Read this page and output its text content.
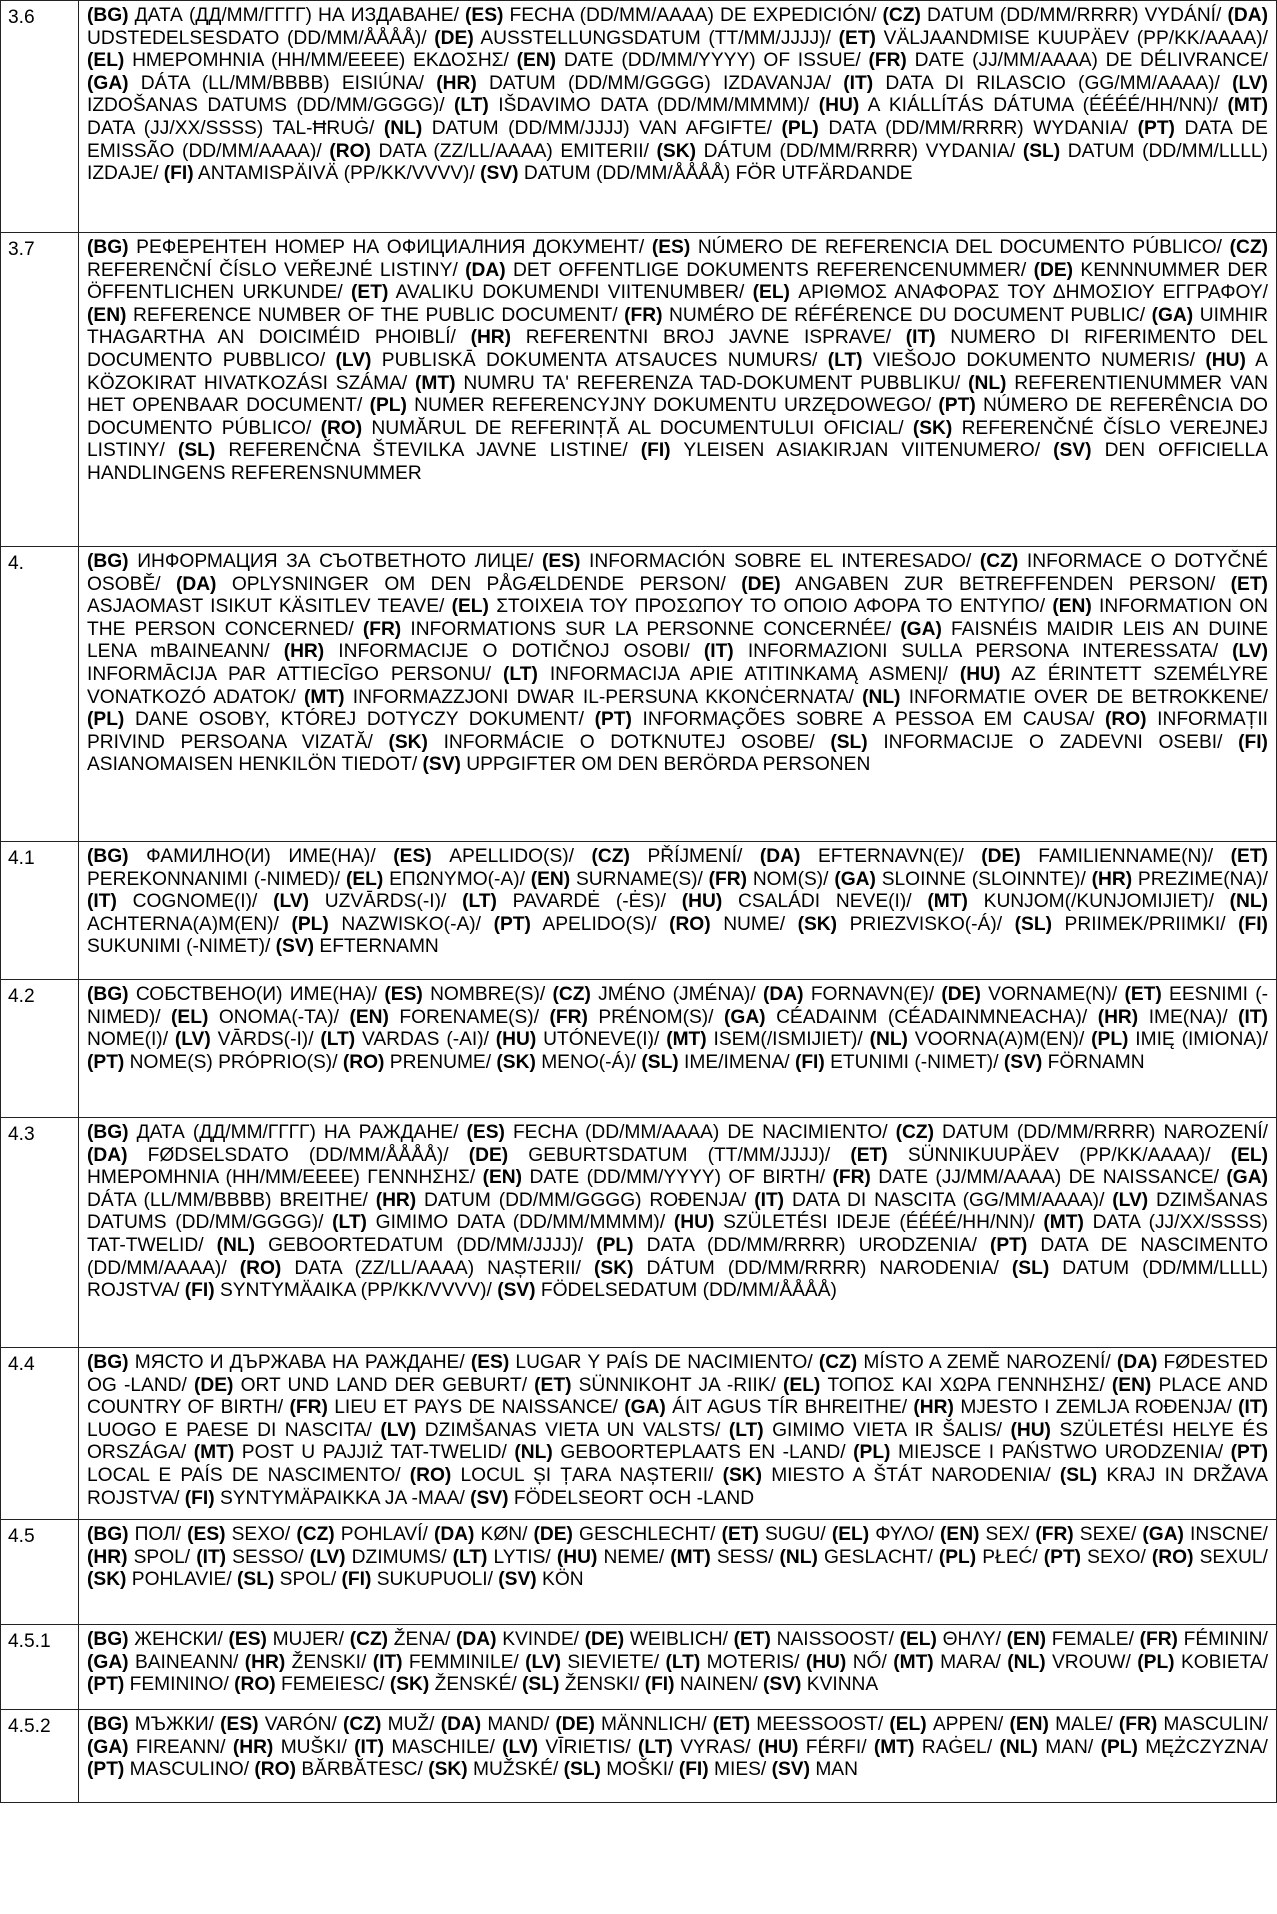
3.6	(BG) ДАТА (ДД/ММ/ГГГГ) НА ИЗДАВАНЕ/ (ES) FECHA (DD/MM/AAAA) DE EXPEDICIÓN/ (CZ) DATUM (DD/MM/RRRR) VYDÁNÍ/ (DA) UDSTEDELSESDATO (DD/MM/ÅÅÅÅ)/ (DE) AUSSTELLUNGSDATUM (TT/MM/JJJJ)/ (ET) VÄLJAANDMISE KUUPÄEV (PP/KK/AAAA)/ (EL) ΗΜΕΡΟΜΗΝΙΑ (ΗΗ/ΜΜ/ΕΕΕΕ) ΕΚΔΟΣΗΣ/ (EN) DATE (DD/MM/YYYY) OF ISSUE/ (FR) DATE (JJ/MM/AAAA) DE DÉLIVRANCE/ (GA) DÁTA (LL/MM/BBBB) EISIÚNA/ (HR) DATUM (DD/MM/GGGG) IZDAVANJA/ (IT) DATA DI RILASCIO (GG/MM/AAAA)/ (LV) IZDOŠANAS DATUMS (DD/MM/GGGG)/ (LT) IŠDAVIMO DATA (DD/MM/MMMM)/ (HU) A KIÁLLÍTÁS DÁTUMA (ÉÉÉÉ/HH/NN)/ (MT) DATA (JJ/XX/SSSS) TAL-ĦRUĠ/ (NL) DATUM (DD/MM/JJJJ) VAN AFGIFTE/ (PL) DATA (DD/MM/RRRR) WYDANIA/ (PT) DATA DE EMISSÃO (DD/MM/AAAA)/ (RO) DATA (ZZ/LL/AAAA) EMITERII/ (SK) DÁTUM (DD/MM/RRRR) VYDANIA/ (SL) DATUM (DD/MM/LLLL) IZDAJE/ (FI) ANTAMISPÄIVÄ (PP/KK/VVVV)/ (SV) DATUM (DD/MM/ÅÅÅÅ) FÖR UTFÄRDANDE
3.7	(BG) РЕФЕРЕНТЕН НОМЕР НА ОФИЦИАЛНИЯ ДОКУМЕНТ/ (ES) NÚMERO DE REFERENCIA DEL DOCUMENTO PÚBLICO/ (CZ) REFERENČNÍ ČÍSLO VEŘEJNÉ LISTINY/ (DA) DET OFFENTLIGE DOKUMENTS REFERENCENUMMER/ (DE) KENNNUMMER DER ÖFFENTLICHEN URKUNDE/ (ET) AVALIKU DOKUMENDI VIITENUMBER/ (EL) ΑΡΙΘΜΟΣ ΑΝΑΦΟΡΑΣ ΤΟΥ ΔΗΜΟΣΙΟΥ ΕΓΓΡΑΦΟΥ/ (EN) REFERENCE NUMBER OF THE PUBLIC DOCUMENT/ (FR) NUMÉRO DE RÉFÉRENCE DU DOCUMENT PUBLIC/ (GA) UIMHIR THAGARTHA AN DOICIMÉID PHOIBLÍ/ (HR) REFERENTNI BROJ JAVNE ISPRAVE/ (IT) NUMERO DI RIFERIMENTO DEL DOCUMENTO PUBBLICO/ (LV) PUBLISKĀ DOKUMENTA ATSAUCES NUMURS/ (LT) VIEŠOJO DOKUMENTO NUMERIS/ (HU) A KÖZOKIRAT HIVATKOZÁSI SZÁMA/ (MT) NUMRU TA' REFERENZA TAD-DOKUMENT PUBBLIKU/ (NL) REFERENTIENUMMER VAN HET OPENBAAR DOCUMENT/ (PL) NUMER REFERENCYJNY DOKUMENTU URZĘDOWEGO/ (PT) NÚMERO DE REFERÊNCIA DO DOCUMENTO PÚBLICO/ (RO) NUMĂRUL DE REFERINȚĂ AL DOCUMENTULUI OFICIAL/ (SK) REFERENČNÉ ČÍSLO VEREJNEJ LISTINY/ (SL) REFERENČNA ŠTEVILKA JAVNE LISTINE/ (FI) YLEISEN ASIAKIRJAN VIITENUMERO/ (SV) DEN OFFICIELLA HANDLINGENS REFERENSNUMMER
4.	(BG) ИНФОРМАЦИЯ ЗА СЪОТВЕТНОТО ЛИЦЕ/ (ES) INFORMACIÓN SOBRE EL INTERESADO/ (CZ) INFORMACE O DOTYČNÉ OSOBĚ/ (DA) OPLYSNINGER OM DEN PÅGÆLDENDE PERSON/ (DE) ANGABEN ZUR BETREFFENDEN PERSON/ (ET) ASJAOMAST ISIKUT KÄSITLEV TEAVE/ (EL) ΣΤΟΙΧΕΙΑ ΤΟΥ ΠΡΟΣΩΠΟΥ ΤΟ ΟΠΟΙΟ ΑΦΟΡΑ ΤΟ ΕΝΤΥΠΟ/ (EN) INFORMATION ON THE PERSON CONCERNED/ (FR) INFORMATIONS SUR LA PERSONNE CONCERNÉE/ (GA) FAISNÉIS MAIDIR LEIS AN DUINE LENA mBAINEANN/ (HR) INFORMACIJE O DOTIČNOJ OSOBI/ (IT) INFORMAZIONI SULLA PERSONA INTERESSATA/ (LV) INFORMĀCIJA PAR ATTIECĪGO PERSONU/ (LT) INFORMACIJA APIE ATITINKAMĄ ASMENĮ/ (HU) AZ ÉRINTETT SZEMÉLYRE VONATKOZÓ ADATOK/ (MT) INFORMAZZJONI DWAR IL-PERSUNA KKONĊERNATA/ (NL) INFORMATIE OVER DE BETROKKENE/ (PL) DANE OSOBY, KTÓREJ DOTYCZY DOKUMENT/ (PT) INFORMAÇÕES SOBRE A PESSOA EM CAUSA/ (RO) INFORMAȚII PRIVIND PERSOANA VIZATĂ/ (SK) INFORMÁCIE O DOTKNUTEJ OSOBE/ (SL) INFORMACIJE O ZADEVNI OSEBI/ (FI) ASIANOMAISEN HENKILÖN TIEDOT/ (SV) UPPGIFTER OM DEN BERÖRDA PERSONEN
4.1	(BG) ФАМИЛНО(И) ИМЕ(НА)/ (ES) APELLIDO(S)/ (CZ) PŘÍJMENÍ/ (DA) EFTERNAVN(E)/ (DE) FAMILIENNAME(N)/ (ET) PEREKONNANIMI (-NIMED)/ (EL) ΕΠΩΝΥΜΟ(-Α)/ (EN) SURNAME(S)/ (FR) NOM(S)/ (GA) SLOINNE (SLOINNTE)/ (HR) PREZIME(NA)/ (IT) COGNOME(I)/ (LV) UZVĀRDS(-I)/ (LT) PAVARDĖ (-ĖS)/ (HU) CSALÁDI NEVE(I)/ (MT) KUNJOM(/KUNJOMIJIET)/ (NL) ACHTERNA(A)M(EN)/ (PL) NAZWISKO(-A)/ (PT) APELIDO(S)/ (RO) NUME/ (SK) PRIEZVISKO(-Á)/ (SL) PRIIMEK/PRIIMKI/ (FI) SUKUNIMI (-NIMET)/ (SV) EFTERNAMN
4.2	(BG) СОБСТВЕНО(И) ИМЕ(НА)/ (ES) NOMBRE(S)/ (CZ) JMÉNO (JMÉNA)/ (DA) FORNAVN(E)/ (DE) VORNAME(N)/ (ET) EESNIMI (-NIMED)/ (EL) ΟΝΟΜΑ(-ΤΑ)/ (EN) FORENAME(S)/ (FR) PRÉNOM(S)/ (GA) CÉADAINM (CÉADAINMNEACHA)/ (HR) IME(NA)/ (IT) NOME(I)/ (LV) VĀRDS(-I)/ (LT) VARDAS (-AI)/ (HU) UTÓNEVE(I)/ (MT) ISEM(/ISMIJIET)/ (NL) VOORNA(A)M(EN)/ (PL) IMIĘ (IMIONA)/ (PT) NOME(S) PRÓPRIO(S)/ (RO) PRENUME/ (SK) MENO(-Á)/ (SL) IME/IMENA/ (FI) ETUNIMI (-NIMET)/ (SV) FÖRNAMN
4.3	(BG) ДАТА (ДД/ММ/ГГГГ) НА РАЖДАНЕ/ (ES) FECHA (DD/MM/AAAA) DE NACIMIENTO/ (CZ) DATUM (DD/MM/RRRR) NAROZENÍ/ (DA) FØDSELSDATO (DD/MM/ÅÅÅÅ)/ (DE) GEBURTSDATUM (TT/MM/JJJJ)/ (ET) SÜNNIKUUPÄEV (PP/KK/AAAA)/ (EL) ΗΜΕΡΟΜΗΝΙΑ (ΗΗ/ΜΜ/ΕΕΕΕ) ΓΕΝΝΗΣΗΣ/ (EN) DATE (DD/MM/YYYY) OF BIRTH/ (FR) DATE (JJ/MM/AAAA) DE NAISSANCE/ (GA) DÁTA (LL/MM/BBBB) BREITHE/ (HR) DATUM (DD/MM/GGGG) ROĐENJA/ (IT) DATA DI NASCITA (GG/MM/AAAA)/ (LV) DZIMŠANAS DATUMS (DD/MM/GGGG)/ (LT) GIMIMO DATA (DD/MM/MMMM)/ (HU) SZÜLETÉSI IDEJE (ÉÉÉÉ/HH/NN)/ (MT) DATA (JJ/XX/SSSS) TAT-TWELID/ (NL) GEBOORTEDATUM (DD/MM/JJJJ)/ (PL) DATA (DD/MM/RRRR) URODZENIA/ (PT) DATA DE NASCIMENTO (DD/MM/AAAA)/ (RO) DATA (ZZ/LL/AAAA) NAȘTERII/ (SK) DÁTUM (DD/MM/RRRR) NARODENIA/ (SL) DATUM (DD/MM/LLLL) ROJSTVA/ (FI) SYNTYMÄAIKA (PP/KK/VVVV)/ (SV) FÖDELSEDATUM (DD/MM/ÅÅÅÅ)
4.4	(BG) МЯСТО И ДЪРЖАВА НА РАЖДАНЕ/ (ES) LUGAR Y PAÍS DE NACIMIENTO/ (CZ) MÍSTO A ZEMĚ NAROZENÍ/ (DA) FØDESTED OG -LAND/ (DE) ORT UND LAND DER GEBURT/ (ET) SÜNNIKOHT JA -RIIK/ (EL) ΤΟΠΟΣ ΚΑΙ ΧΩΡΑ ΓΕΝΝΗΣΗΣ/ (EN) PLACE AND COUNTRY OF BIRTH/ (FR) LIEU ET PAYS DE NAISSANCE/ (GA) ÁIT AGUS TÍR BHREITHE/ (HR) MJESTO I ZEMLJA ROĐENJA/ (IT) LUOGO E PAESE DI NASCITA/ (LV) DZIMŠANAS VIETA UN VALSTS/ (LT) GIMIMO VIETA IR ŠALIS/ (HU) SZÜLETÉSI HELYE ÉS ORSZÁGA/ (MT) POST U PAJJIŻ TAT-TWELID/ (NL) GEBOORTEPLAATS EN -LAND/ (PL) MIEJSCE I PAŃSTWO URODZENIA/ (PT) LOCAL E PAÍS DE NASCIMENTO/ (RO) LOCUL ȘI ȚARA NAȘTERII/ (SK) MIESTO A ŠTÁT NARODENIA/ (SL) KRAJ IN DRŽAVA ROJSTVA/ (FI) SYNTYMÄPAIKKA JA -MAA/ (SV) FÖDELSEORT OCH -LAND
4.5	(BG) ПОЛ/ (ES) SEXO/ (CZ) POHLAVÍ/ (DA) KØN/ (DE) GESCHLECHT/ (ET) SUGU/ (EL) ΦΥΛΟ/ (EN) SEX/ (FR) SEXE/ (GA) INSCNE/ (HR) SPOL/ (IT) SESSO/ (LV) DZIMUMS/ (LT) LYTIS/ (HU) NEME/ (MT) SESS/ (NL) GESLACHT/ (PL) PŁEĆ/ (PT) SEXO/ (RO) SEXUL/ (SK) POHLAVIE/ (SL) SPOL/ (FI) SUKUPUOLI/ (SV) KÖN
4.5.1	(BG) ЖЕНСКИ/ (ES) MUJER/ (CZ) ŽENA/ (DA) KVINDE/ (DE) WEIBLICH/ (ET) NAISSOOST/ (EL) ΘΗΛΥ/ (EN) FEMALE/ (FR) FÉMININ/ (GA) BAINEANN/ (HR) ŽENSKI/ (IT) FEMMINILE/ (LV) SIEVIETE/ (LT) MOTERIS/ (HU) NŐ/ (MT) MARA/ (NL) VROUW/ (PL) KOBIETA/ (PT) FEMININO/ (RO) FEMEIESC/ (SK) ŽENSKÉ/ (SL) ŽENSKI/ (FI) NAINEN/ (SV) KVINNA
4.5.2	(BG) МЪЖКИ/ (ES) VARÓN/ (CZ) MUŽ/ (DA) MAND/ (DE) MÄNNLICH/ (ET) MEESSOOST/ (EL) ΑΡΡΕΝ/ (EN) MALE/ (FR) MASCULIN/ (GA) FIREANN/ (HR) MUŠKI/ (IT) MASCHILE/ (LV) VĪRIETIS/ (LT) VYRAS/ (HU) FÉRFI/ (MT) RAĠEL/ (NL) MAN/ (PL) MĘŻCZYZNA/ (PT) MASCULINO/ (RO) BĂRBĂTESC/ (SK) MUŽSKÉ/ (SL) MOŠKI/ (FI) MIES/ (SV) MAN
